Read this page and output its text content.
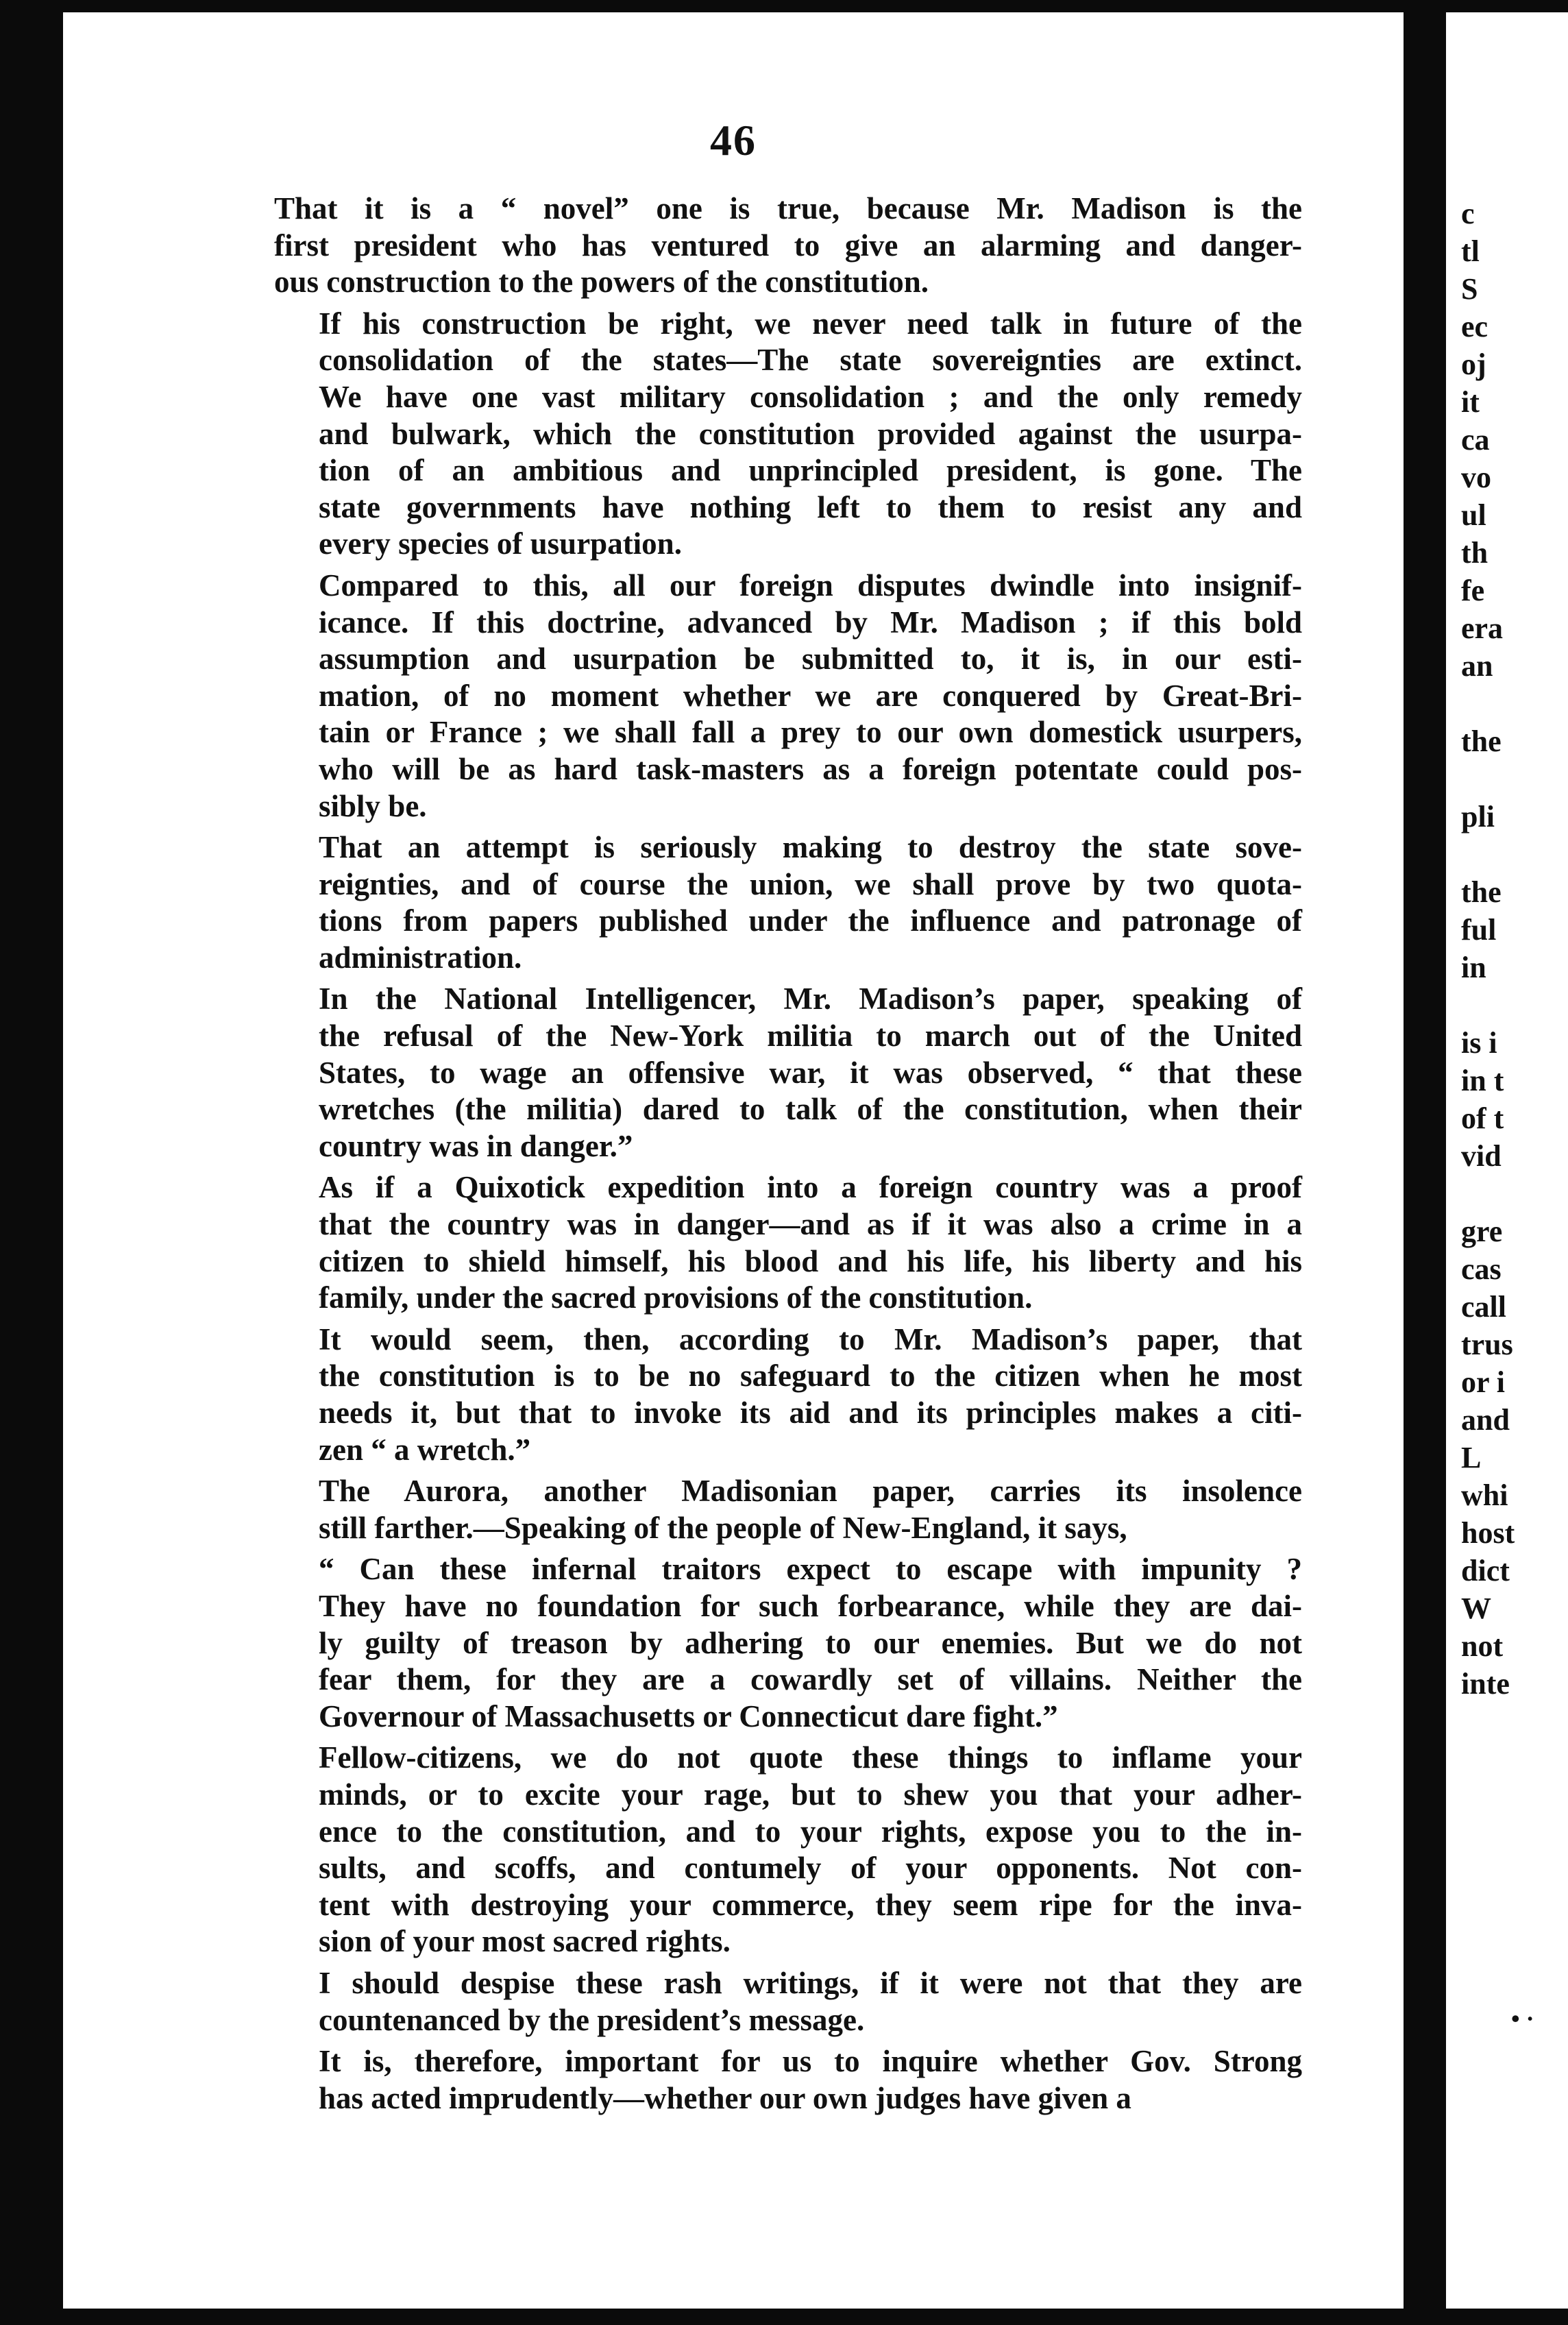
46

That it is a “ novel” one is true, because Mr. Madison is the
first president who has ventured to give an alarming and danger-
ous construction to the powers of the constitution.

If his construction be right, we never need talk in future of the
consolidation of the states—The state sovereignties are extinct.
We have one vast military consolidation ; and the only remedy
and bulwark, which the constitution provided against the usurpa-
tion of an ambitious and unprincipled president, is gone. The
state governments have nothing left to them to resist any and
every species of usurpation.

Compared to this, all our foreign disputes dwindle into insignif-
icance. If this doctrine, advanced by Mr. Madison ; if this bold
assumption and usurpation be submitted to, it is, in our esti-
mation, of no moment whether we are conquered by Great-Bri-
tain or France ; we shall fall a prey to our own domestick usurpers,
who will be as hard task-masters as a foreign potentate could pos-
sibly be.

That an attempt is seriously making to destroy the state sove-
reignties, and of course the union, we shall prove by two quota-
tions from papers published under the influence and patronage of
administration.

In the National Intelligencer, Mr. Madison’s paper, speaking of
the refusal of the New-York militia to march out of the United
States, to wage an offensive war, it was observed, “ that these
wretches (the militia) dared to talk of the constitution, when their
country was in danger.”

As if a Quixotick expedition into a foreign country was a proof
that the country was in danger—and as if it was also a crime in a
citizen to shield himself, his blood and his life, his liberty and his
family, under the sacred provisions of the constitution.

It would seem, then, according to Mr. Madison’s paper, that
the constitution is to be no safeguard to the citizen when he most
needs it, but that to invoke its aid and its principles makes a citi-
zen “ a wretch.”

The Aurora, another Madisonian paper, carries its insolence
still farther.—Speaking of the people of New-England, it says,

“ Can these infernal traitors expect to escape with impunity ?
They have no foundation for such forbearance, while they are dai-
ly guilty of treason by adhering to our enemies. But we do not
fear them, for they are a cowardly set of villains. Neither the
Governour of Massachusetts or Connecticut dare fight.”

Fellow-citizens, we do not quote these things to inflame your
minds, or to excite your rage, but to shew you that your adher-
ence to the constitution, and to your rights, expose you to the in-
sults, and scoffs, and contumely of your opponents. Not con-
tent with destroying your commerce, they seem ripe for the inva-
sion of your most sacred rights.

I should despise these rash writings, if it were not that they are
countenanced by the president’s message.

It is, therefore, important for us to inquire whether Gov. Strong
has acted imprudently—whether our own judges have given a

c
tl
S
ec
oj
it
ca
vo
ul
th
fe
era
an
the
pli
the
ful
in
is i
in t
of t
vid
gre
cas
call
trus
or i
and
L
whi
host
dict
W
not
inte
• ·
